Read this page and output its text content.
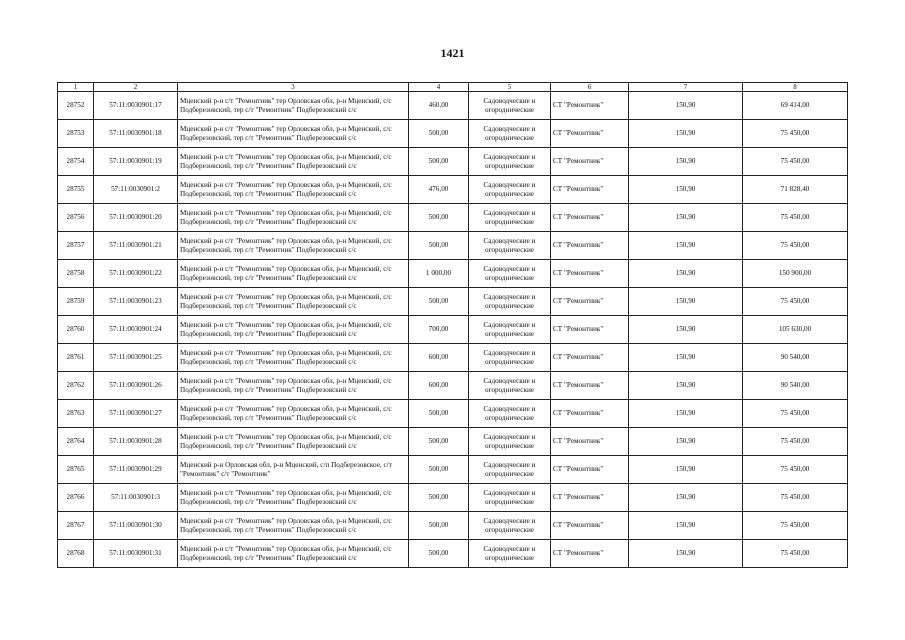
1421
1	2	3	4	5	6	7	8
28752	57:11:0030901:17	Мценский р-н с/т "Ремонтник" тер Орловская обл, р-н Мценский, с/с Подберезовский, тер с/т "Ремонтник" Подберезовский с/с	460,00	Садоводческие и огороднические	СТ "Ремонтник"	150,90	69 414,00
28753	57:11:0030901:18	Мценский р-н с/т "Ремонтник" тер Орловская обл, р-н Мценский, с/с Подберезовский, тер с/т "Ремонтник" Подберезовский с/с	500,00	Садоводческие и огороднические	СТ "Ремонтник"	150,90	75 450,00
28754	57:11:0030901:19	Мценский р-н с/т "Ремонтник" тер Орловская обл, р-н Мценский, с/с Подберезовский, тер с/т "Ремонтник" Подберезовский с/с	500,00	Садоводческие и огороднические	СТ "Ремонтник"	150,90	75 450,00
28755	57:11:0030901:2	Мценский р-н с/т "Ремонтник" тер Орловская обл, р-н Мценский, с/с Подберезовский, тер с/т "Ремонтник" Подберезовский с/с	476,00	Садоводческие и огороднические	СТ "Ремонтник"	150,90	71 828,40
28756	57:11:0030901:20	Мценский р-н с/т "Ремонтник" тер Орловская обл, р-н Мценский, с/с Подберезовский, тер с/т "Ремонтник" Подберезовский с/с	500,00	Садоводческие и огороднические	СТ "Ремонтник"	150,90	75 450,00
28757	57:11:0030901:21	Мценский р-н с/т "Ремонтник" тер Орловская обл, р-н Мценский, с/с Подберезовский, тер с/т "Ремонтник" Подберезовский с/с	500,00	Садоводческие и огороднические	СТ "Ремонтник"	150,90	75 450,00
28758	57:11:0030901:22	Мценский р-н с/т "Ремонтник" тер Орловская обл, р-н Мценский, с/с Подберезовский, тер с/т "Ремонтник" Подберезовский с/с	1 000,00	Садоводческие и огороднические	СТ "Ремонтник"	150,90	150 900,00
28759	57:11:0030901:23	Мценский р-н с/т "Ремонтник" тер Орловская обл, р-н Мценский, с/с Подберезовский, тер с/т "Ремонтник" Подберезовский с/с	500,00	Садоводческие и огороднические	СТ "Ремонтник"	150,90	75 450,00
28760	57:11:0030901:24	Мценский р-н с/т "Ремонтник" тер Орловская обл, р-н Мценский, с/с Подберезовский, тер с/т "Ремонтник" Подберезовский с/с	700,00	Садоводческие и огороднические	СТ "Ремонтник"	150,90	105 630,00
28761	57:11:0030901:25	Мценский р-н с/т "Ремонтник" тер Орловская обл, р-н Мценский, с/с Подберезовский, тер с/т "Ремонтник" Подберезовский с/с	600,00	Садоводческие и огороднические	СТ "Ремонтник"	150,90	90 540,00
28762	57:11:0030901:26	Мценский р-н с/т "Ремонтник" тер Орловская обл, р-н Мценский, с/с Подберезовский, тер с/т "Ремонтник" Подберезовский с/с	600,00	Садоводческие и огороднические	СТ "Ремонтник"	150,90	90 540,00
28763	57:11:0030901:27	Мценский р-н с/т "Ремонтник" тер Орловская обл, р-н Мценский, с/с Подберезовский, тер с/т "Ремонтник" Подберезовский с/с	500,00	Садоводческие и огороднические	СТ "Ремонтник"	150,90	75 450,00
28764	57:11:0030901:28	Мценский р-н с/т "Ремонтник" тер Орловская обл, р-н Мценский, с/с Подберезовский, тер с/т "Ремонтник" Подберезовский с/с	500,00	Садоводческие и огороднические	СТ "Ремонтник"	150,90	75 450,00
28765	57:11:0030901:29	Мценский р-н Орловская обл, р-н Мценский, с/п Подберезовское, с/т "Ремонтник" с/т "Ремонтник"	500,00	Садоводческие и огороднические	СТ "Ремонтник"	150,90	75 450,00
28766	57:11:0030901:3	Мценский р-н с/т "Ремонтник" тер Орловская обл, р-н Мценский, с/с Подберезовский, тер с/т "Ремонтник" Подберезовский с/с	500,00	Садоводческие и огороднические	СТ "Ремонтник"	150,90	75 450,00
28767	57:11:0030901:30	Мценский р-н с/т "Ремонтник" тер Орловская обл, р-н Мценский, с/с Подберезовский, тер с/т "Ремонтник" Подберезовский с/с	500,00	Садоводческие и огороднические	СТ "Ремонтник"	150,90	75 450,00
28768	57:11:0030901:31	Мценский р-н с/т "Ремонтник" тер Орловская обл, р-н Мценский, с/с Подберезовский, тер с/т "Ремонтник" Подберезовский с/с	500,00	Садоводческие и огороднические	СТ "Ремонтник"	150,90	75 450,00
